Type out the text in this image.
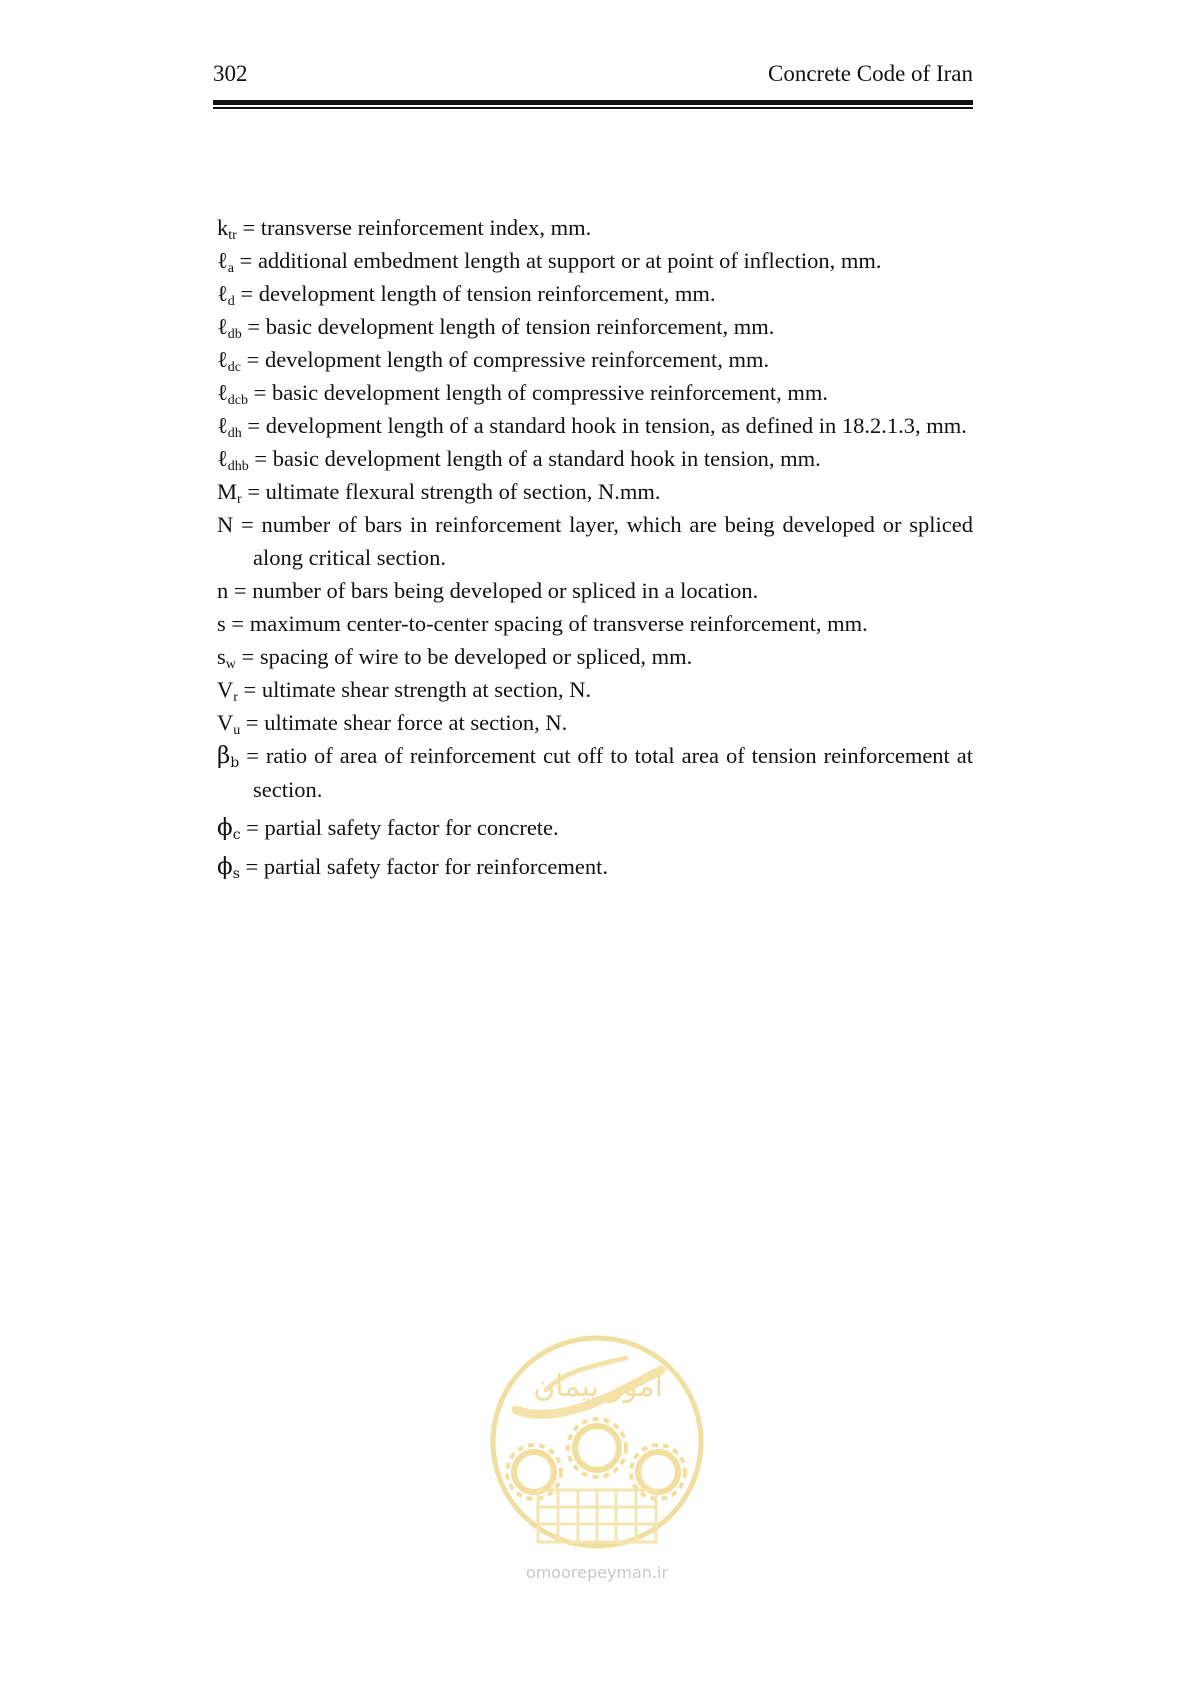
302	Concrete Code of Iran
$k_{tr}$ = transverse reinforcement index, mm.
ℓ$_a$ = additional embedment length at support or at point of inflection, mm.
ℓ$_d$ = development length of tension reinforcement, mm.
ℓ$_{db}$ = basic development length of tension reinforcement, mm.
ℓ$_{dc}$ = development length of compressive reinforcement, mm.
ℓ$_{dcb}$ = basic development length of compressive reinforcement, mm.
ℓ$_{dh}$ = development length of a standard hook in tension, as defined in 18.2.1.3, mm.
ℓ$_{dhb}$ = basic development length of a standard hook in tension, mm.
$M_r$ = ultimate flexural strength of section, N.mm.
N = number of bars in reinforcement layer, which are being developed or spliced along critical section.
n = number of bars being developed or spliced in a location.
s = maximum center-to-center spacing of transverse reinforcement, mm.
$s_w$ = spacing of wire to be developed or spliced, mm.
$V_r$ = ultimate shear strength at section, N.
$V_u$ = ultimate shear force at section, N.
$\beta_b$ = ratio of area of reinforcement cut off to total area of tension reinforcement at section.
$\phi_c$ = partial safety factor for concrete.
$\phi_s$ = partial safety factor for reinforcement.
امور پیمان
omoorepeyman.ir
